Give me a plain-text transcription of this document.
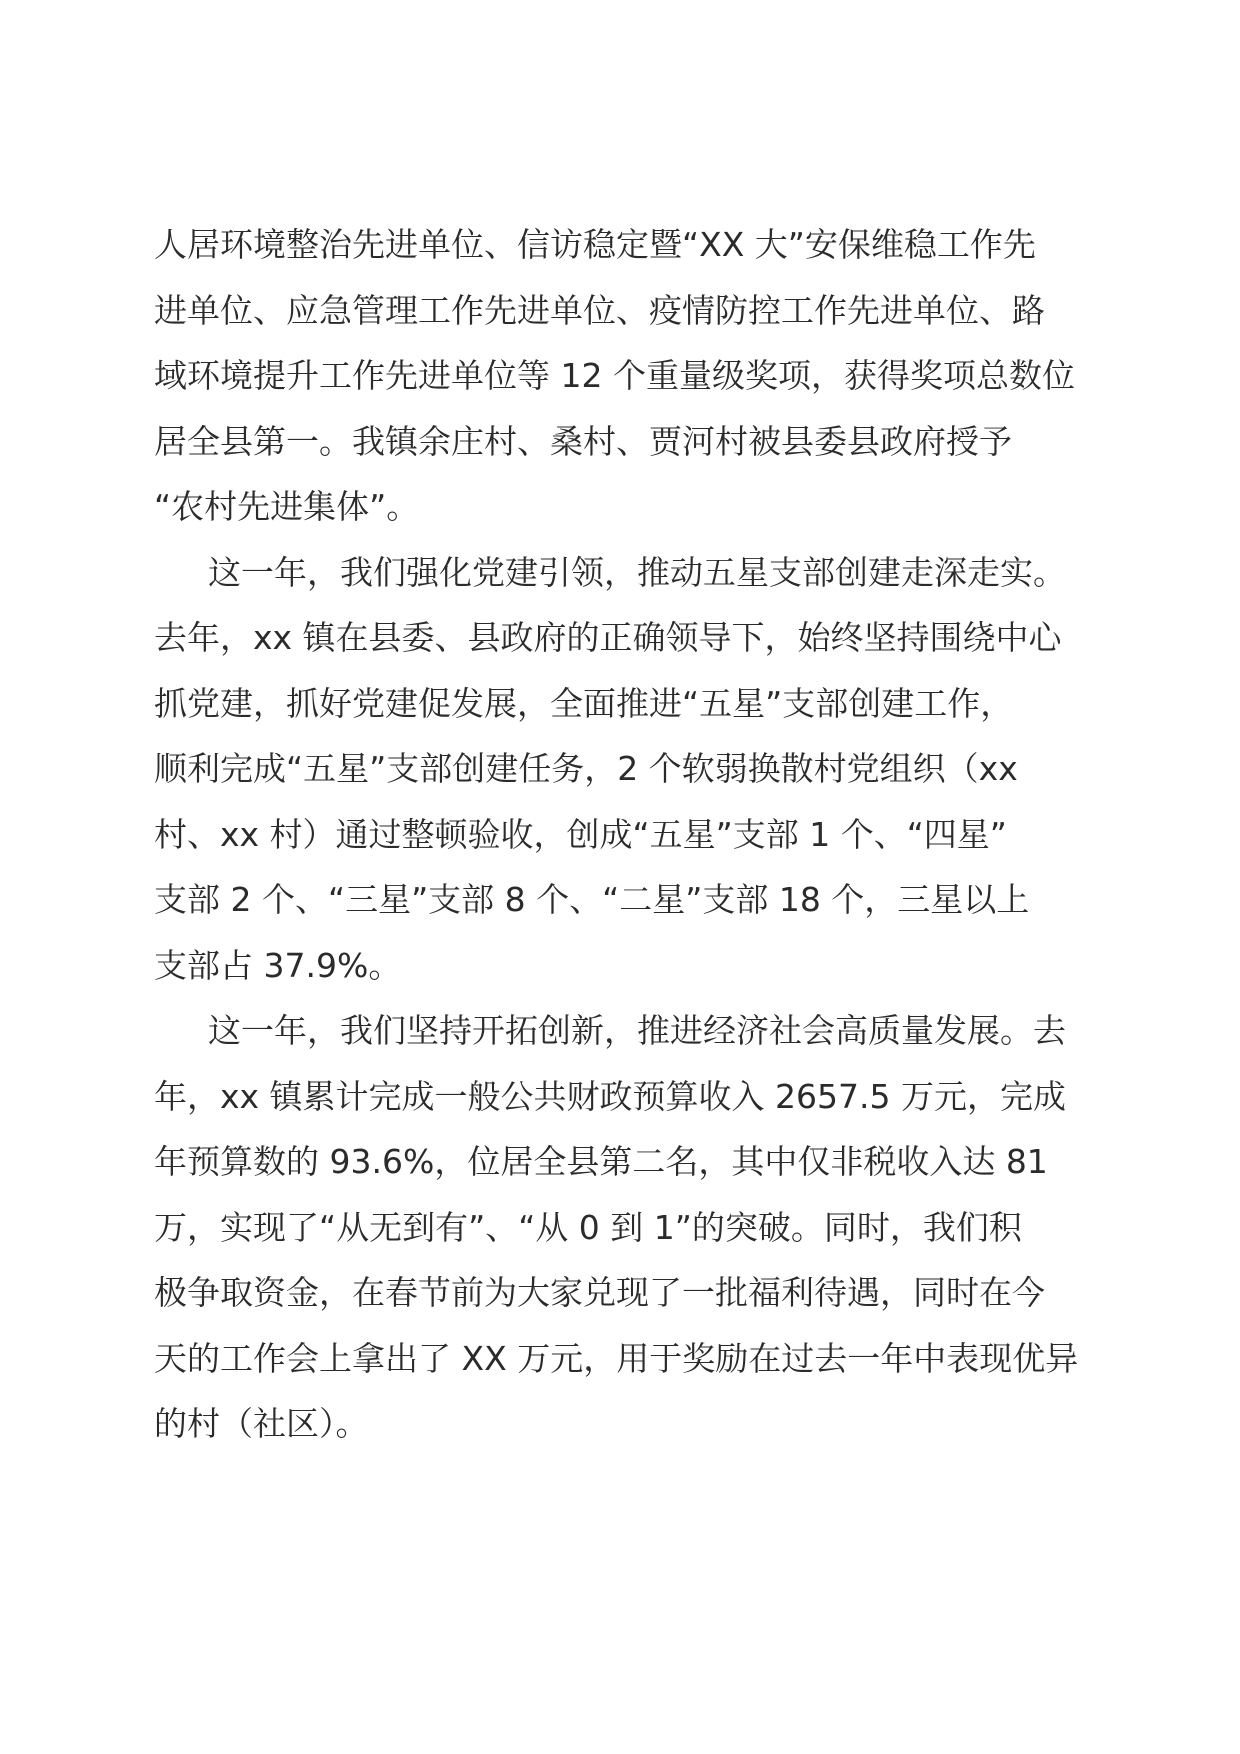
人居环境整治先进单位、信访稳定暨“XX 大”安保维稳工作先
进单位、应急管理工作先进单位、疫情防控工作先进单位、路
域环境提升工作先进单位等 12 个重量级奖项，获得奖项总数位
居全县第一。我镇余庄村、桑村、贾河村被县委县政府授予
“农村先进集体”。
这一年，我们强化党建引领，推动五星支部创建走深走实。
去年，xx 镇在县委、县政府的正确领导下，始终坚持围绕中心
抓党建，抓好党建促发展，全面推进“五星”支部创建工作，
顺利完成“五星”支部创建任务，2 个软弱换散村党组织（xx
村、xx 村）通过整顿验收，创成“五星”支部 1 个、“四星”
支部 2 个、“三星”支部 8 个、“二星”支部 18 个，三星以上
支部占 37.9%。
这一年，我们坚持开拓创新，推进经济社会高质量发展。去
年，xx 镇累计完成一般公共财政预算收入 2657.5 万元，完成
年预算数的 93.6%，位居全县第二名，其中仅非税收入达 81
万，实现了“从无到有”、“从 0 到 1”的突破。同时，我们积
极争取资金，在春节前为大家兑现了一批福利待遇，同时在今
天的工作会上拿出了 XX 万元，用于奖励在过去一年中表现优异
的村（社区）。
